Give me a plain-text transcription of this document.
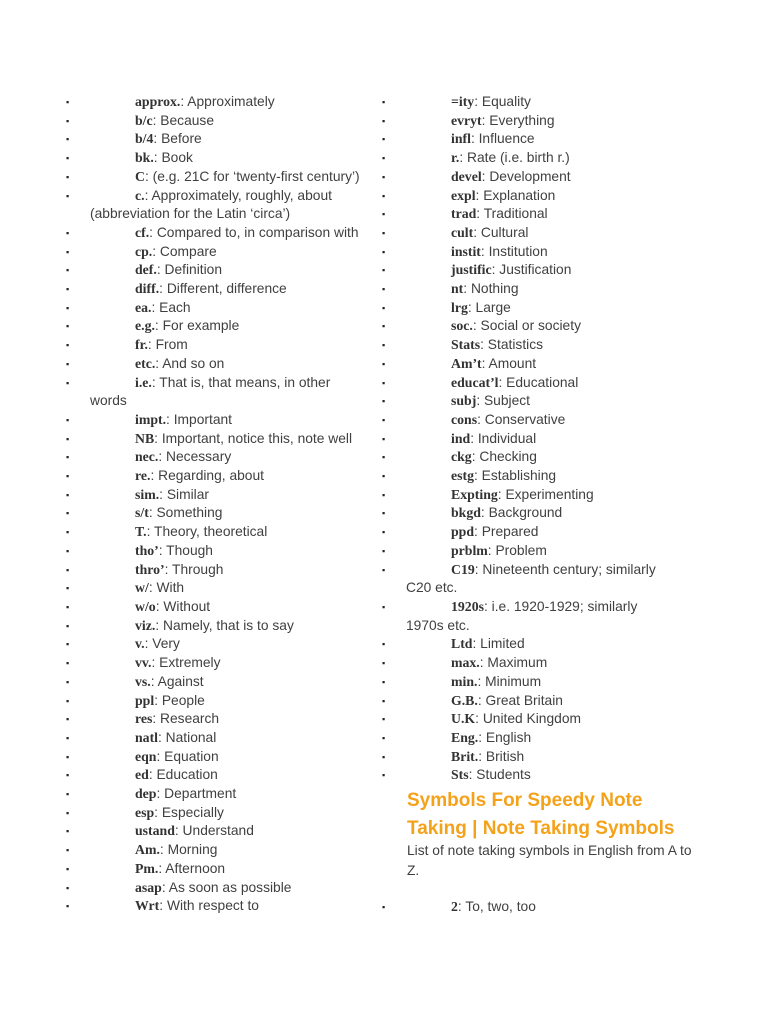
▪	approx.: Approximately
▪	b/c: Because
▪	b/4: Before
▪	bk.: Book
▪	C: (e.g. 21C for ‘twenty-first century’)
▪	c.: Approximately, roughly, about
(abbreviation for the Latin ‘circa’)
▪	cf.: Compared to, in comparison with
▪	cp.: Compare
▪	def.: Definition
▪	diff.: Different, difference
▪	ea.: Each
▪	e.g.: For example
▪	fr.: From
▪	etc.: And so on
▪	i.e.: That is, that means, in other
words
▪	impt.: Important
▪	NB: Important, notice this, note well
▪	nec.: Necessary
▪	re.: Regarding, about
▪	sim.: Similar
▪	s/t: Something
▪	T.: Theory, theoretical
▪	tho’: Though
▪	thro’: Through
▪	w/: With
▪	w/o: Without
▪	viz.: Namely, that is to say
▪	v.: Very
▪	vv.: Extremely
▪	vs.: Against
▪	ppl: People
▪	res: Research
▪	natl: National
▪	eqn: Equation
▪	ed: Education
▪	dep: Department
▪	esp: Especially
▪	ustand: Understand
▪	Am.: Morning
▪	Pm.: Afternoon
▪	asap: As soon as possible
▪	Wrt: With respect to
▪	=ity: Equality
▪	evryt: Everything
▪	infl: Influence
▪	r.: Rate (i.e. birth r.)
▪	devel: Development
▪	expl: Explanation
▪	trad: Traditional
▪	cult: Cultural
▪	instit: Institution
▪	justific: Justification
▪	nt: Nothing
▪	lrg: Large
▪	soc.: Social or society
▪	Stats: Statistics
▪	Am’t: Amount
▪	educat’l: Educational
▪	subj: Subject
▪	cons: Conservative
▪	ind: Individual
▪	ckg: Checking
▪	estg: Establishing
▪	Expting: Experimenting
▪	bkgd: Background
▪	ppd: Prepared
▪	prblm: Problem
▪	C19: Nineteenth century; similarly
C20 etc.
▪	1920s: i.e. 1920-1929; similarly
1970s etc.
▪	Ltd: Limited
▪	max.: Maximum
▪	min.: Minimum
▪	G.B.: Great Britain
▪	U.K: United Kingdom
▪	Eng.: English
▪	Brit.: British
▪	Sts: Students
Symbols For Speedy Note Taking | Note Taking Symbols
List of note taking symbols in English from A to Z.
▪	2: To, two, too
